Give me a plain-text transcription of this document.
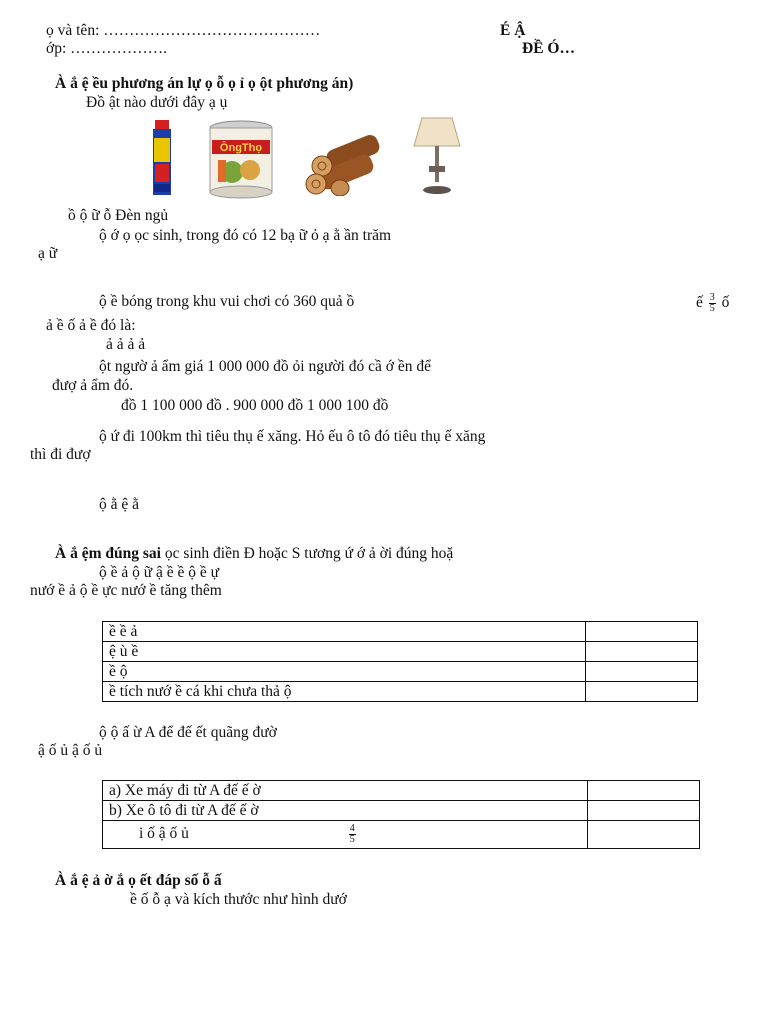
ọ và tên: ……………………………………
ớp: ……………….
É Ậ
ĐỀ Ó…
À ắ ệ ều phương án lự ọ ỗ ọ ỉ ọ ột phương án)
Đồ ật nào dưới đây ạ ụ
ÔngThọ
ồ ộ ữ ỗ Đèn ngủ
ộ ớ ọ ọc sinh, trong đó có 12 bạ ữ ỏ ạ ằ ần trăm
ạ ữ
ộ ề bóng trong khu vui chơi có 360 quả ồ	ế $\frac{3}{5}$ ố
ả ề ố ả ề đó là:
ả ả ả ả
ột ngườ ả ẩm giá 1 000 000 đồ ỏi người đó cầ ớ ền để
đượ ả ẩm đó.
đồ 1 100 000 đồ . 900 000 đồ 1 000 100 đồ
ộ ứ đi 100km thì tiêu thụ ế xăng. Hỏ ếu ô tô đó tiêu thụ ế xăng
thì đi đượ
ộ ằ ệ ằ
À ắ ệm đúng sai ọc sinh điền Đ hoặc S tương ứ ớ ả ời đúng hoặ
ộ ề ả ộ ữ ậ ề ề ộ ề ự
nướ ề ả ộ ề ực nướ ề tăng thêm
ề ề ả	
ệ ù ề	
ề ộ	
ề tích nướ ề cá khi chưa thả ộ	
ộ ộ ấ ừ A để đế ết quãng đườ
ậ ố ủ ậ ố ủ
a) Xe máy đi từ A đế ế ờ	
b) Xe ô tô đi từ A đế ế ờ	
i ố ậ ố ủ $\frac{4}{5}$

À ắ ệ ả ờ ắ ọ ết đáp số ỗ ấ
ề ố ỗ ạ và kích thước như hình dướ
